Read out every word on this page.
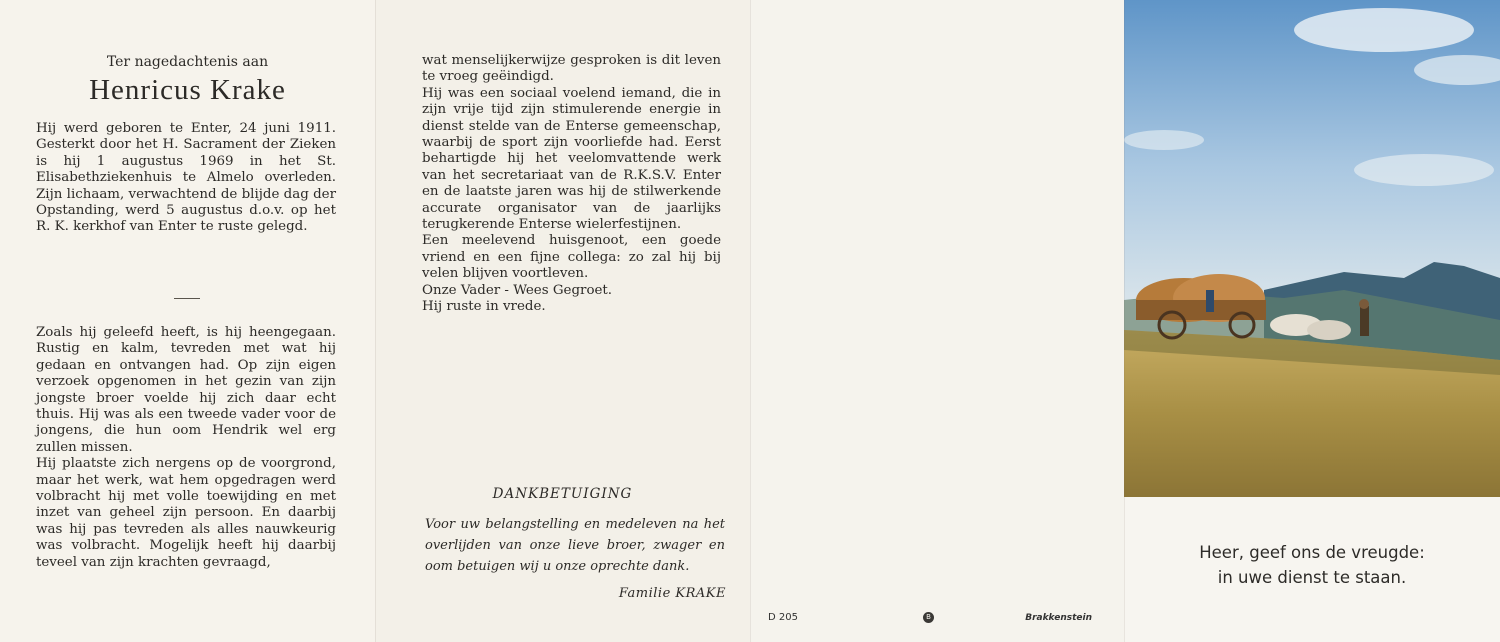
Ter nagedachtenis aan
Henricus Krake

Hij werd geboren te Enter, 24 juni 1911. Gesterkt door het H. Sacrament der Zieken is hij 1 augustus 1969 in het St. Elisabethziekenhuis te Almelo overleden. Zijn lichaam, verwachtend de blijde dag der Opstanding, werd 5 augustus d.o.v. op het R. K. kerkhof van Enter te ruste gelegd.

Zoals hij geleefd heeft, is hij heengegaan. Rustig en kalm, tevreden met wat hij gedaan en ontvangen had. Op zijn eigen verzoek opgenomen in het gezin van zijn jongste broer voelde hij zich daar echt thuis. Hij was als een tweede vader voor de jongens, die hun oom Hendrik wel erg zullen missen.

Hij plaatste zich nergens op de voorgrond, maar het werk, wat hem opgedragen werd volbracht hij met volle toewijding en met inzet van geheel zijn persoon. En daarbij was hij pas tevreden als alles nauwkeurig was volbracht. Mogelijk heeft hij daarbij teveel van zijn krachten gevraagd,

wat menselijkerwijze gesproken is dit leven te vroeg geëindigd.

Hij was een sociaal voelend iemand, die in zijn vrije tijd zijn stimulerende energie in dienst stelde van de Enterse gemeenschap, waarbij de sport zijn voorliefde had. Eerst behartigde hij het veelomvattende werk van het secretariaat van de R.K.S.V. Enter en de laatste jaren was hij de stilwerkende accurate organisator van de jaarlijks terugkerende Enterse wielerfestijnen.

Een meelevend huisgenoot, een goede vriend en een fijne collega: zo zal hij bij velen blijven voortleven.

Onze Vader - Wees Gegroet.

Hij ruste in vrede.

DANKBETUIGING

Voor uw belangstelling en medeleven na het overlijden van onze lieve broer, zwager en oom betuigen wij u onze oprechte dank.

Familie KRAKE
D 205	B	Brakkenstein
Heer, geef ons de vreugde:
in uwe dienst te staan.
